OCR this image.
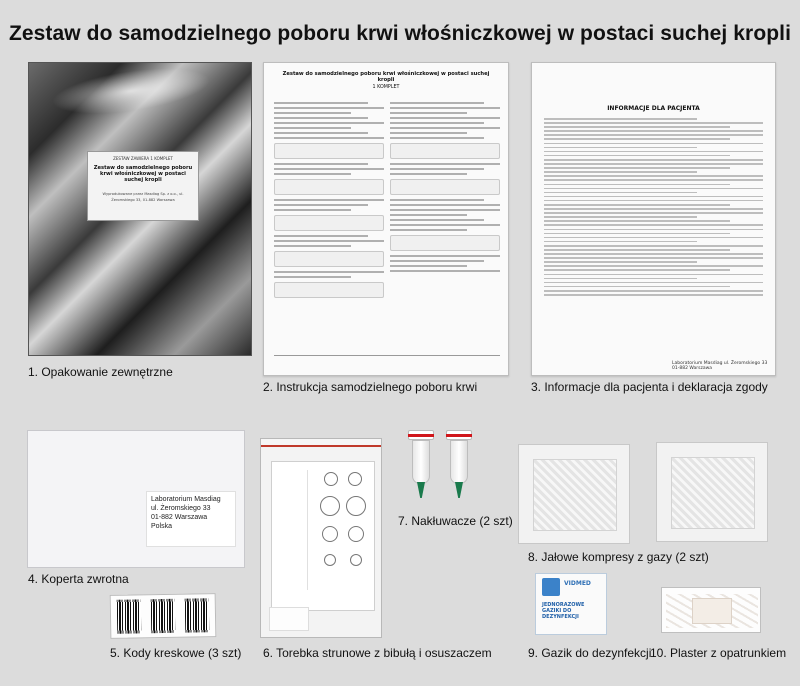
Zestaw do samodzielnego poboru krwi włośniczkowej w postaci suchej kropli
ZESTAW ZAWIERA 1 KOMPLET
Zestaw do samodzielnego poboru krwi włośniczkowej w postaci suchej kropli
Wyprodukowane przez Masdiag Sp. z o.o., ul. Żeromskiego 33, 01-882 Warszawa
1. Opakowanie zewnętrzne
Zestaw do samodzielnego poboru krwi włośniczkowej w postaci suchej kropli
1 KOMPLET
2. Instrukcja samodzielnego poboru krwi
INFORMACJE DLA PACJENTA
Laboratorium Masdiag ul. Żeromskiego 33 01-882 Warszawa
3. Informacje dla pacjenta i deklaracja zgody
Laboratorium Masdiag
ul. Żeromskiego 33
01-882 Warszawa
Polska
4. Koperta zwrotna
5. Kody kreskowe (3 szt) 6. Torebka strunowe z bibułą i osuszaczem
7. Nakłuwacze (2 szt)
8. Jałowe kompresy z gazy (2 szt)
VIDMED
JEDNORAZOWE GAZIKI DO DEZYNFEKCJI
9. Gazik do dezynfekcji
10. Plaster z opatrunkiem
